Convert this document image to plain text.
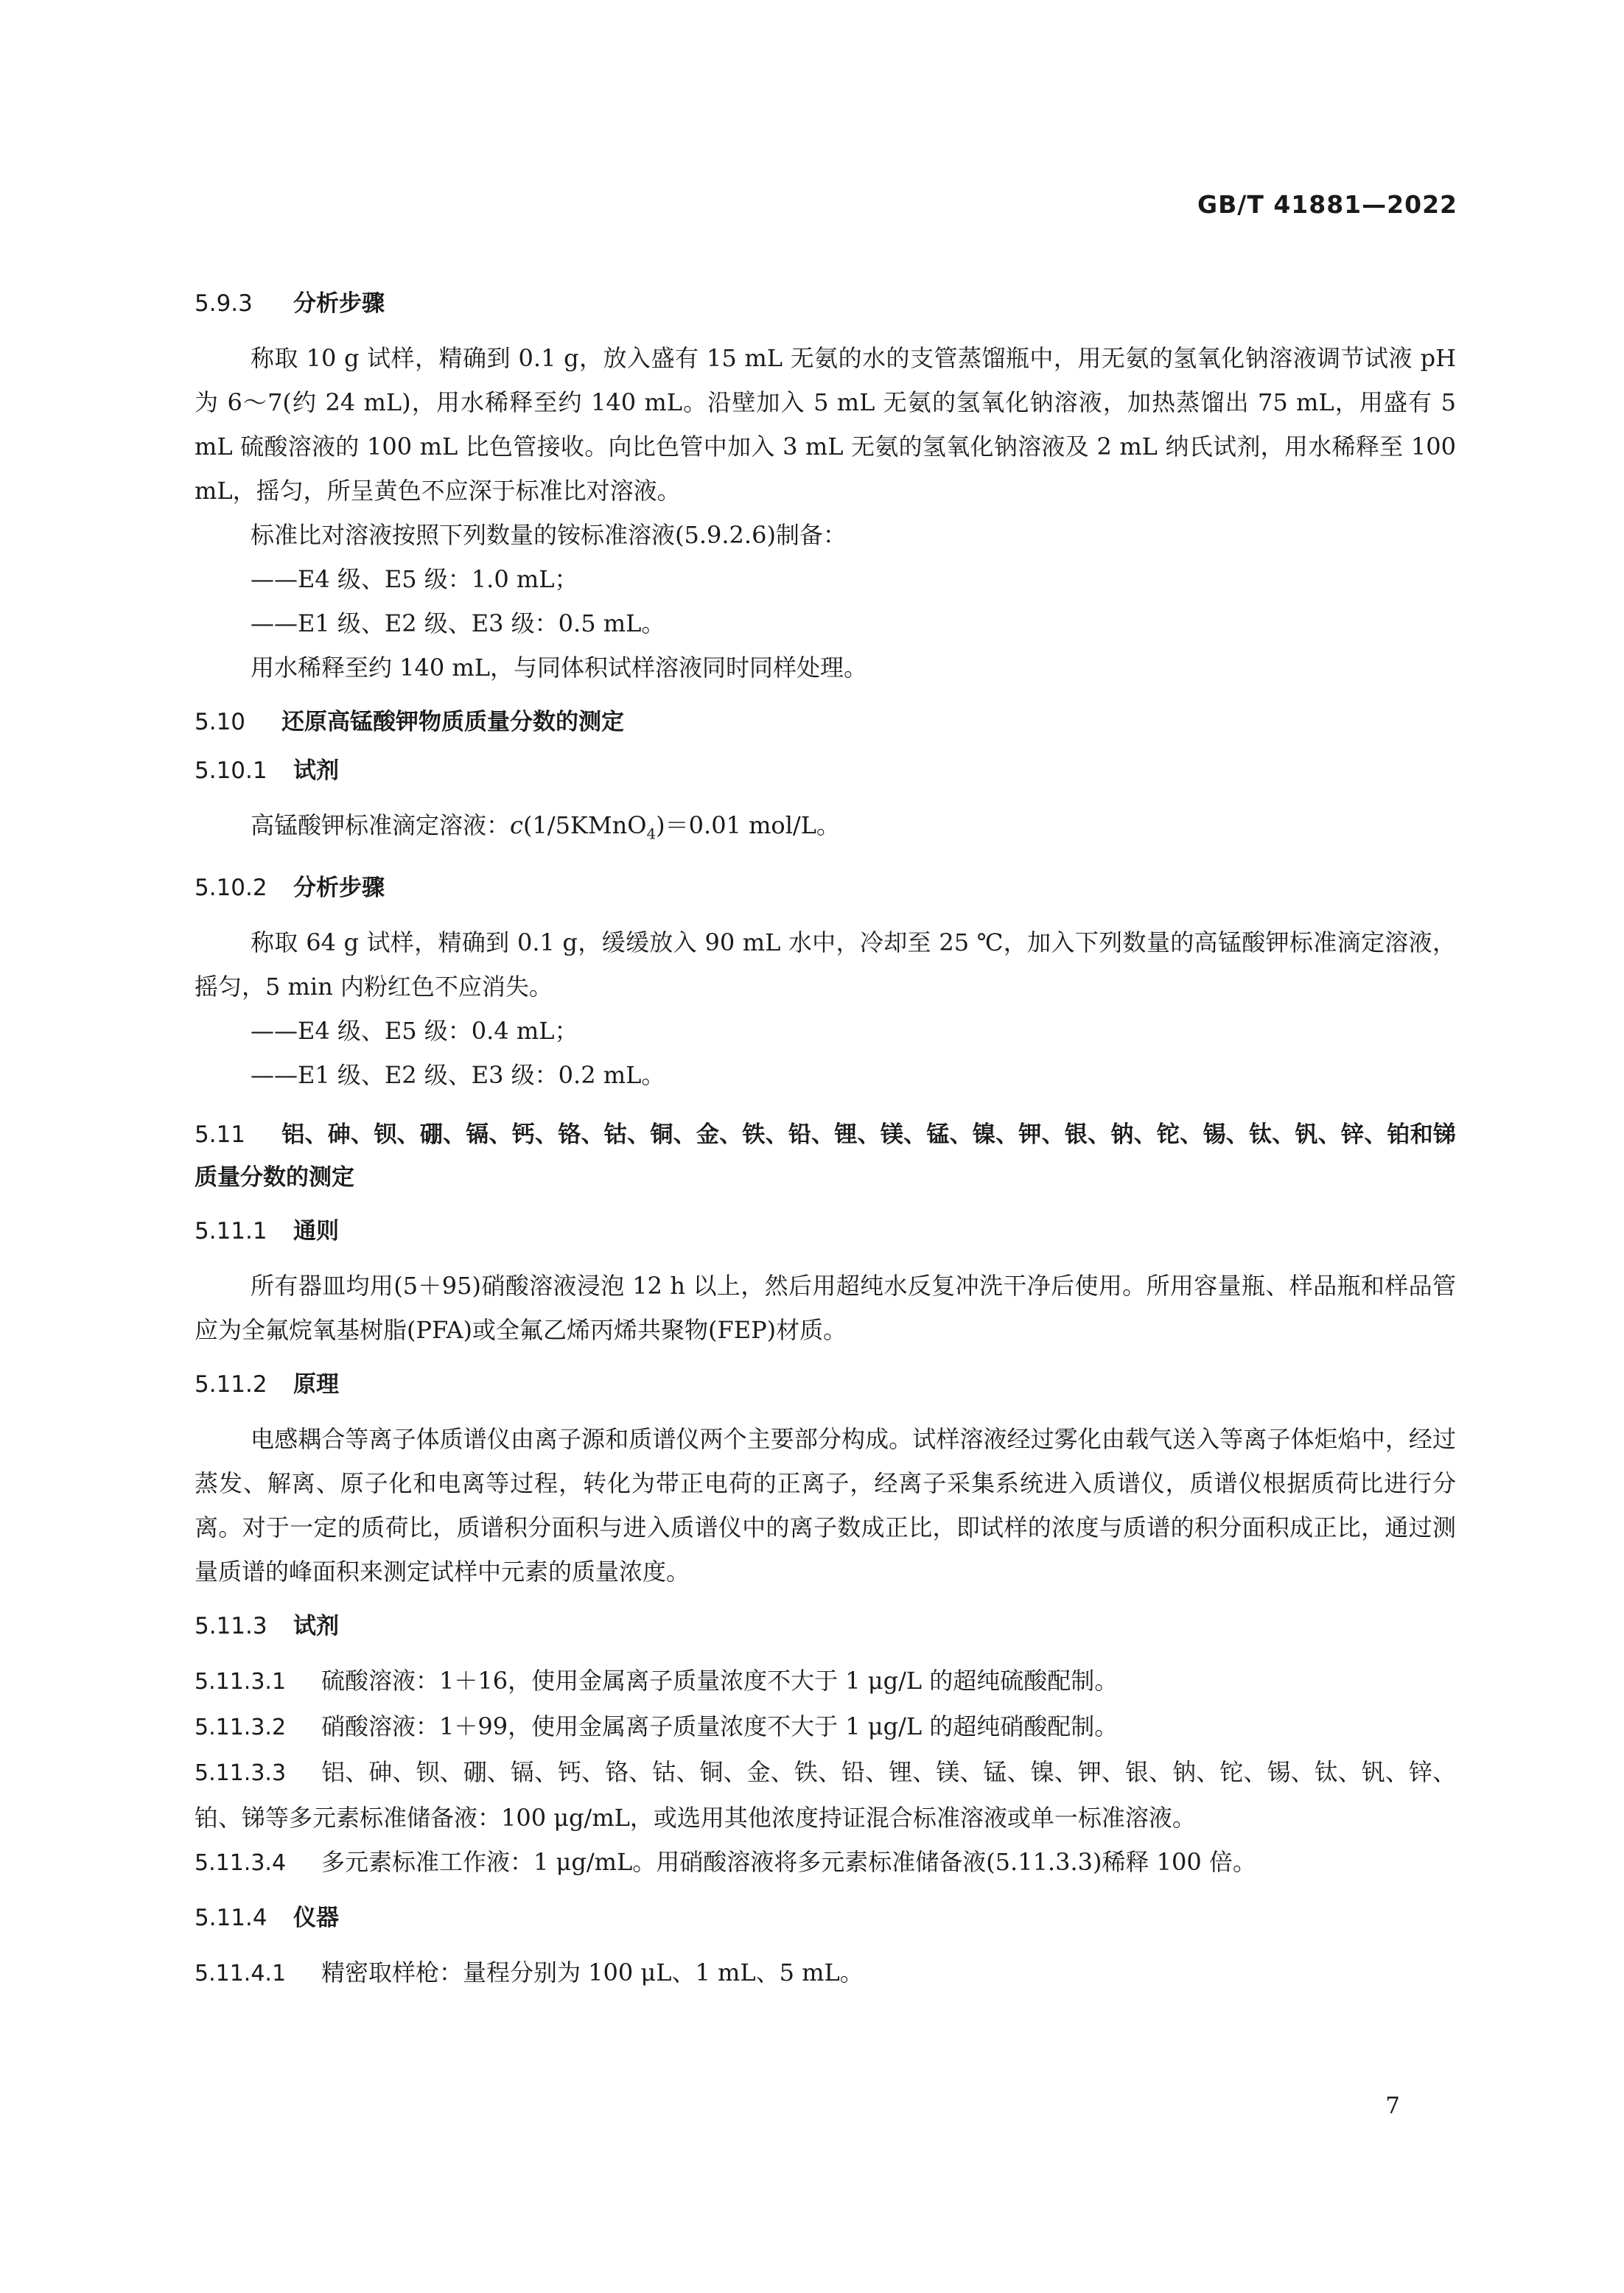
GB/T 41881—2022

5.9.3 分析步骤

称取 10 g 试样，精确到 0.1 g，放入盛有 15 mL 无氨的水的支管蒸馏瓶中，用无氨的氢氧化钠溶液调节试液 pH 为 6～7(约 24 mL)，用水稀释至约 140 mL。沿壁加入 5 mL 无氨的氢氧化钠溶液，加热蒸馏出 75 mL，用盛有 5 mL 硫酸溶液的 100 mL 比色管接收。向比色管中加入 3 mL 无氨的氢氧化钠溶液及 2 mL 纳氏试剂，用水稀释至 100 mL，摇匀，所呈黄色不应深于标准比对溶液。

标准比对溶液按照下列数量的铵标准溶液(5.9.2.6)制备：

——E4 级、E5 级：1.0 mL；

——E1 级、E2 级、E3 级：0.5 mL。

用水稀释至约 140 mL，与同体积试样溶液同时同样处理。

5.10 还原高锰酸钾物质质量分数的测定

5.10.1 试剂

高锰酸钾标准滴定溶液：c(1/5KMnO$_4$)＝0.01 mol/L。

5.10.2 分析步骤

称取 64 g 试样，精确到 0.1 g，缓缓放入 90 mL 水中，冷却至 25 ℃，加入下列数量的高锰酸钾标准滴定溶液，摇匀，5 min 内粉红色不应消失。

——E4 级、E5 级：0.4 mL；

——E1 级、E2 级、E3 级：0.2 mL。

5.11 铝、砷、钡、硼、镉、钙、铬、钴、铜、金、铁、铅、锂、镁、锰、镍、钾、银、钠、铊、锡、钛、钒、锌、铂和锑质量分数的测定

5.11.1 通则

所有器皿均用(5＋95)硝酸溶液浸泡 12 h 以上，然后用超纯水反复冲洗干净后使用。所用容量瓶、样品瓶和样品管应为全氟烷氧基树脂(PFA)或全氟乙烯丙烯共聚物(FEP)材质。

5.11.2 原理

电感耦合等离子体质谱仪由离子源和质谱仪两个主要部分构成。试样溶液经过雾化由载气送入等离子体炬焰中，经过蒸发、解离、原子化和电离等过程，转化为带正电荷的正离子，经离子采集系统进入质谱仪，质谱仪根据质荷比进行分离。对于一定的质荷比，质谱积分面积与进入质谱仪中的离子数成正比，即试样的浓度与质谱的积分面积成正比，通过测量质谱的峰面积来测定试样中元素的质量浓度。

5.11.3 试剂

5.11.3.1 硫酸溶液：1＋16，使用金属离子质量浓度不大于 1 μg/L 的超纯硫酸配制。

5.11.3.2 硝酸溶液：1＋99，使用金属离子质量浓度不大于 1 μg/L 的超纯硝酸配制。

5.11.3.3 铝、砷、钡、硼、镉、钙、铬、钴、铜、金、铁、铅、锂、镁、锰、镍、钾、银、钠、铊、锡、钛、钒、锌、铂、锑等多元素标准储备液：100 μg/mL，或选用其他浓度持证混合标准溶液或单一标准溶液。

5.11.3.4 多元素标准工作液：1 μg/mL。用硝酸溶液将多元素标准储备液(5.11.3.3)稀释 100 倍。

5.11.4 仪器

5.11.4.1 精密取样枪：量程分别为 100 μL、1 mL、5 mL。

7
